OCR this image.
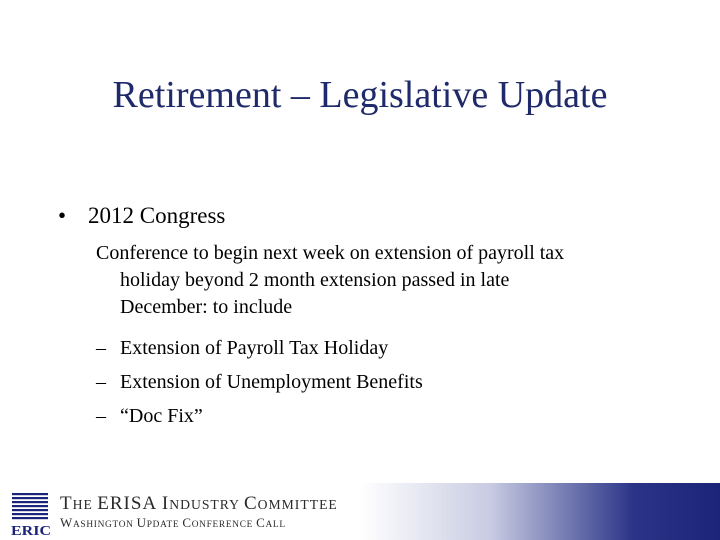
Retirement – Legislative Update
• 2012 Congress
Conference to begin next week on extension of payroll tax
holiday beyond 2 month extension passed in late
December: to include
– Extension of Payroll Tax Holiday
– Extension of Unemployment Benefits
– “Doc Fix”
ERIC
THE ERISA INDUSTRY COMMITTEE
WASHINGTON UPDATE CONFERENCE CALL
